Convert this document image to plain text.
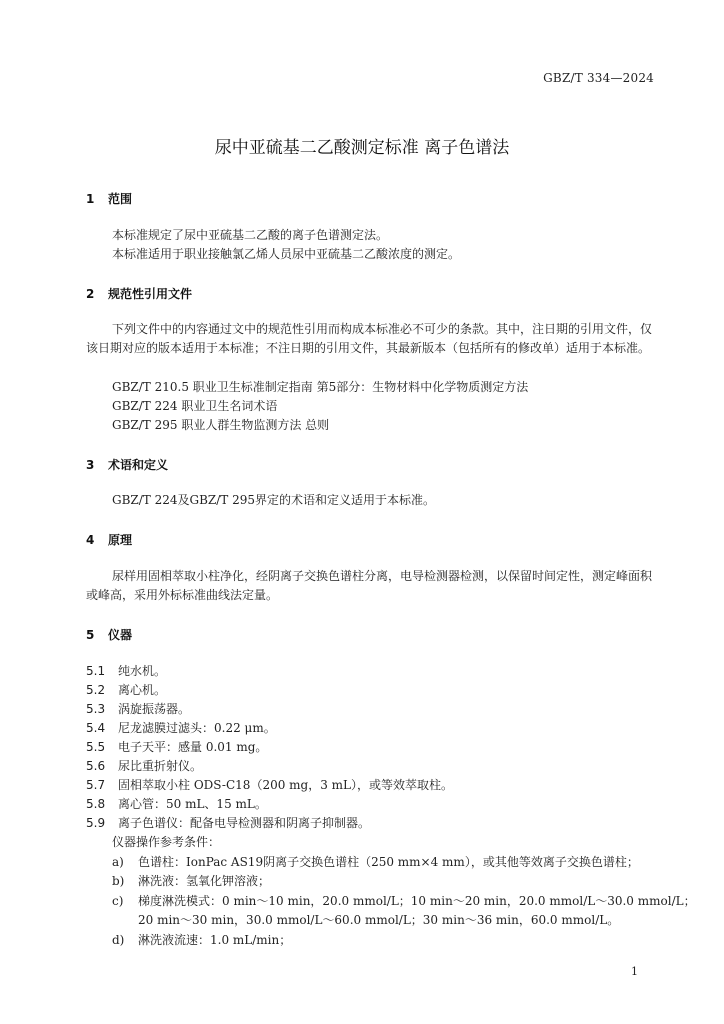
GBZ/T 334—2024
尿中亚硫基二乙酸测定标准 离子色谱法
1 范围
本标准规定了尿中亚硫基二乙酸的离子色谱测定法。
本标准适用于职业接触氯乙烯人员尿中亚硫基二乙酸浓度的测定。
2 规范性引用文件
下列文件中的内容通过文中的规范性引用而构成本标准必不可少的条款。其中，注日期的引用文件，仅该日期对应的版本适用于本标准；不注日期的引用文件，其最新版本（包括所有的修改单）适用于本标准。
GBZ/T 210.5 职业卫生标准制定指南 第5部分：生物材料中化学物质测定方法
GBZ/T 224 职业卫生名词术语
GBZ/T 295 职业人群生物监测方法 总则
3 术语和定义
GBZ/T 224及GBZ/T 295界定的术语和定义适用于本标准。
4 原理
尿样用固相萃取小柱净化，经阴离子交换色谱柱分离，电导检测器检测，以保留时间定性，测定峰面积或峰高，采用外标标准曲线法定量。
5 仪器
5.1 纯水机。
5.2 离心机。
5.3 涡旋振荡器。
5.4 尼龙滤膜过滤头：0.22 μm。
5.5 电子天平：感量 0.01 mg。
5.6 尿比重折射仪。
5.7 固相萃取小柱 ODS-C18（200 mg，3 mL），或等效萃取柱。
5.8 离心管：50 mL、15 mL。
5.9 离子色谱仪：配备电导检测器和阴离子抑制器。
仪器操作参考条件：
a) 色谱柱：IonPac AS19阴离子交换色谱柱（250 mm×4 mm），或其他等效离子交换色谱柱；
b) 淋洗液：氢氧化钾溶液；
c) 梯度淋洗模式：0 min～10 min，20.0 mmol/L；10 min～20 min，20.0 mmol/L～30.0 mmol/L；
20 min～30 min，30.0 mmol/L～60.0 mmol/L；30 min～36 min，60.0 mmol/L。
d) 淋洗液流速：1.0 mL/min；
1
